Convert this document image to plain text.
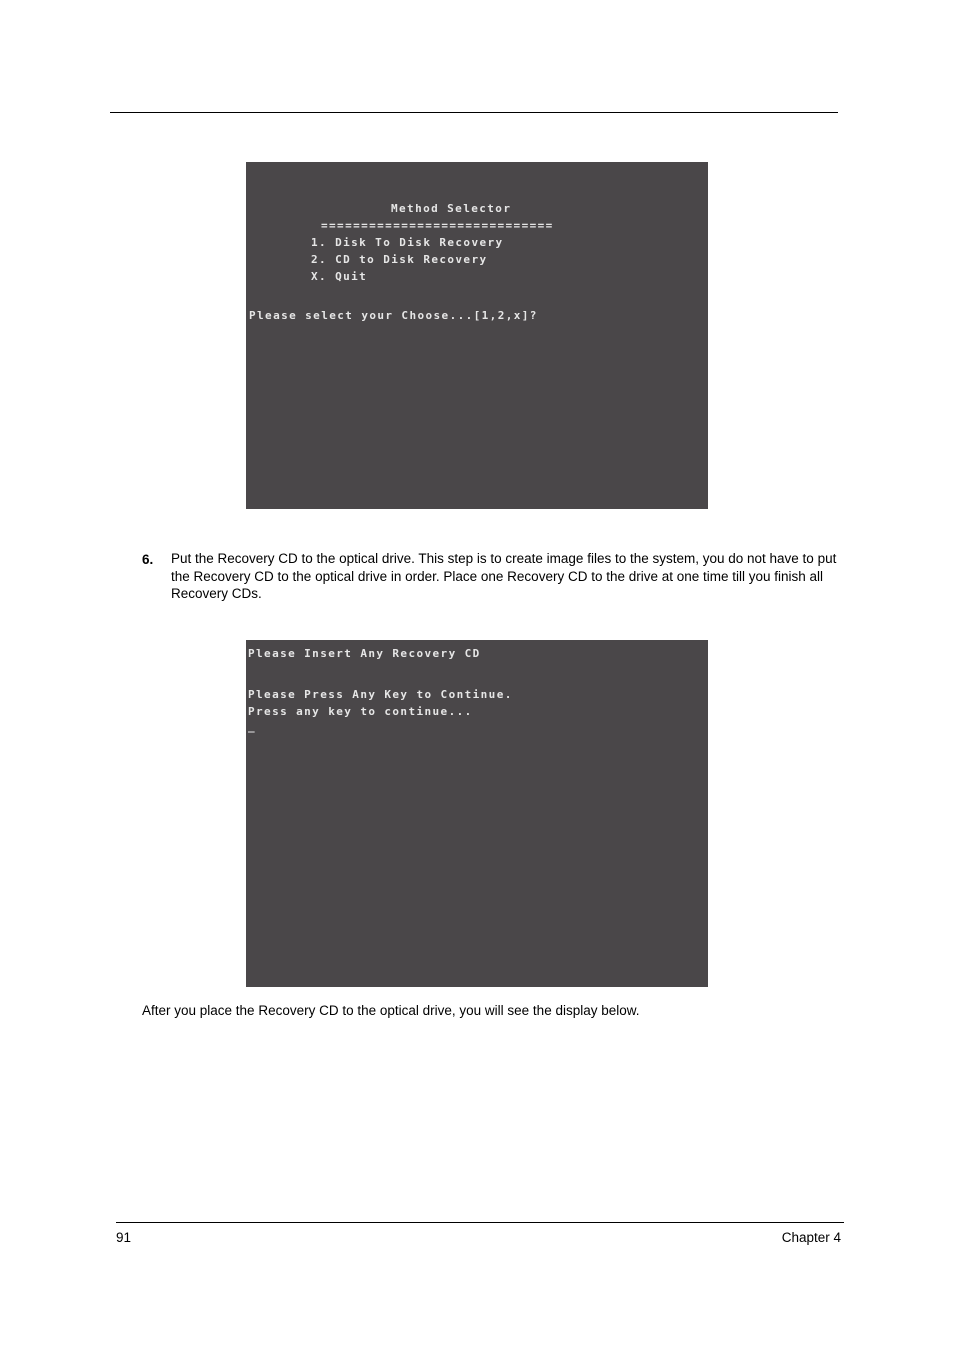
Method Selector
=============================
1. Disk To Disk Recovery
2. CD to Disk Recovery
X. Quit
Please select your Choose...[1,2,x]?
6. Put the Recovery CD to the optical drive. This step is to create image files to the system, you do not have to put the Recovery CD to the optical drive in order. Place one Recovery CD to the drive at one time till you finish all Recovery CDs.
Please Insert Any Recovery CD
Please Press Any Key to Continue.
Press any key to continue...
_
After you place the Recovery CD to the optical drive, you will see the display below.
91	Chapter 4
